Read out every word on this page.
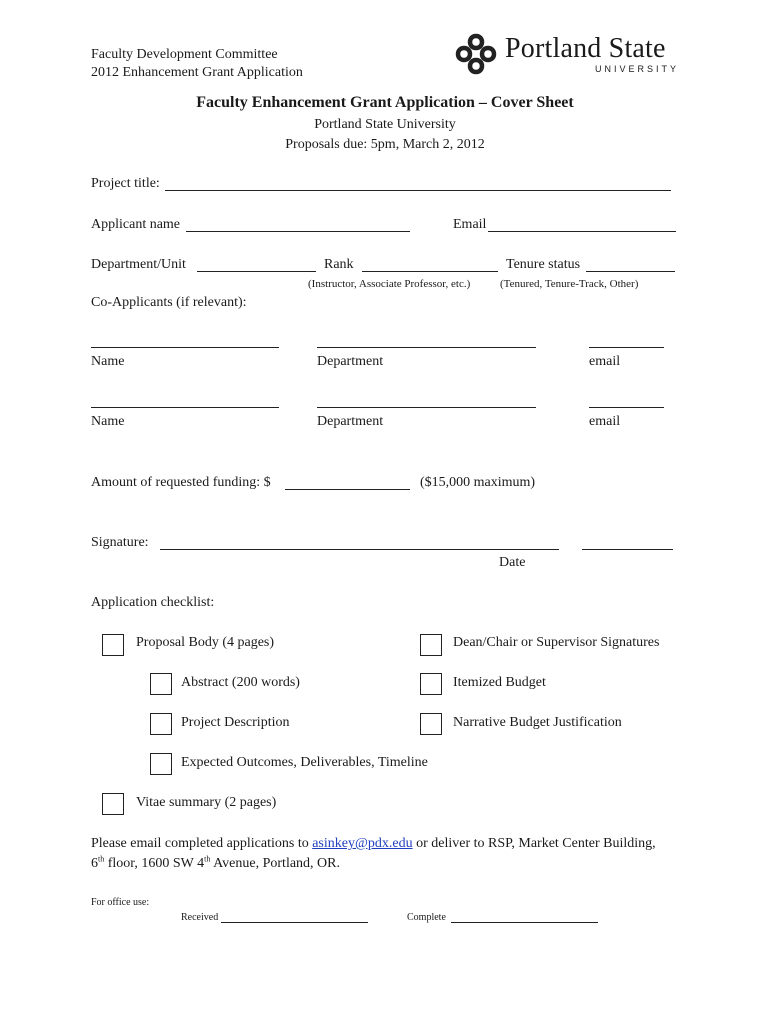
Faculty Development Committee
2012 Enhancement Grant Application
Portland State
UNIVERSITY
Faculty Enhancement Grant Application – Cover Sheet
Portland State University
Proposals due: 5pm, March 2, 2012
Project title:
Applicant name	Email
Department/Unit	Rank	Tenure status
(Instructor, Associate Professor, etc.)	(Tenured, Tenure-Track, Other)
Co-Applicants (if relevant):
Name	Department	email
Name	Department	email
Amount of requested funding: $	($15,000 maximum)
Signature:
Date
Application checklist:
Proposal Body (4 pages)
Abstract (200 words)
Project Description
Expected Outcomes, Deliverables, Timeline
Vitae summary (2 pages)
Dean/Chair or Supervisor Signatures
Itemized Budget
Narrative Budget Justification
Please email completed applications to asinkey@pdx.edu or deliver to RSP, Market Center Building,
6th floor, 1600 SW 4th Avenue, Portland, OR.
For office use:
Received	Complete
